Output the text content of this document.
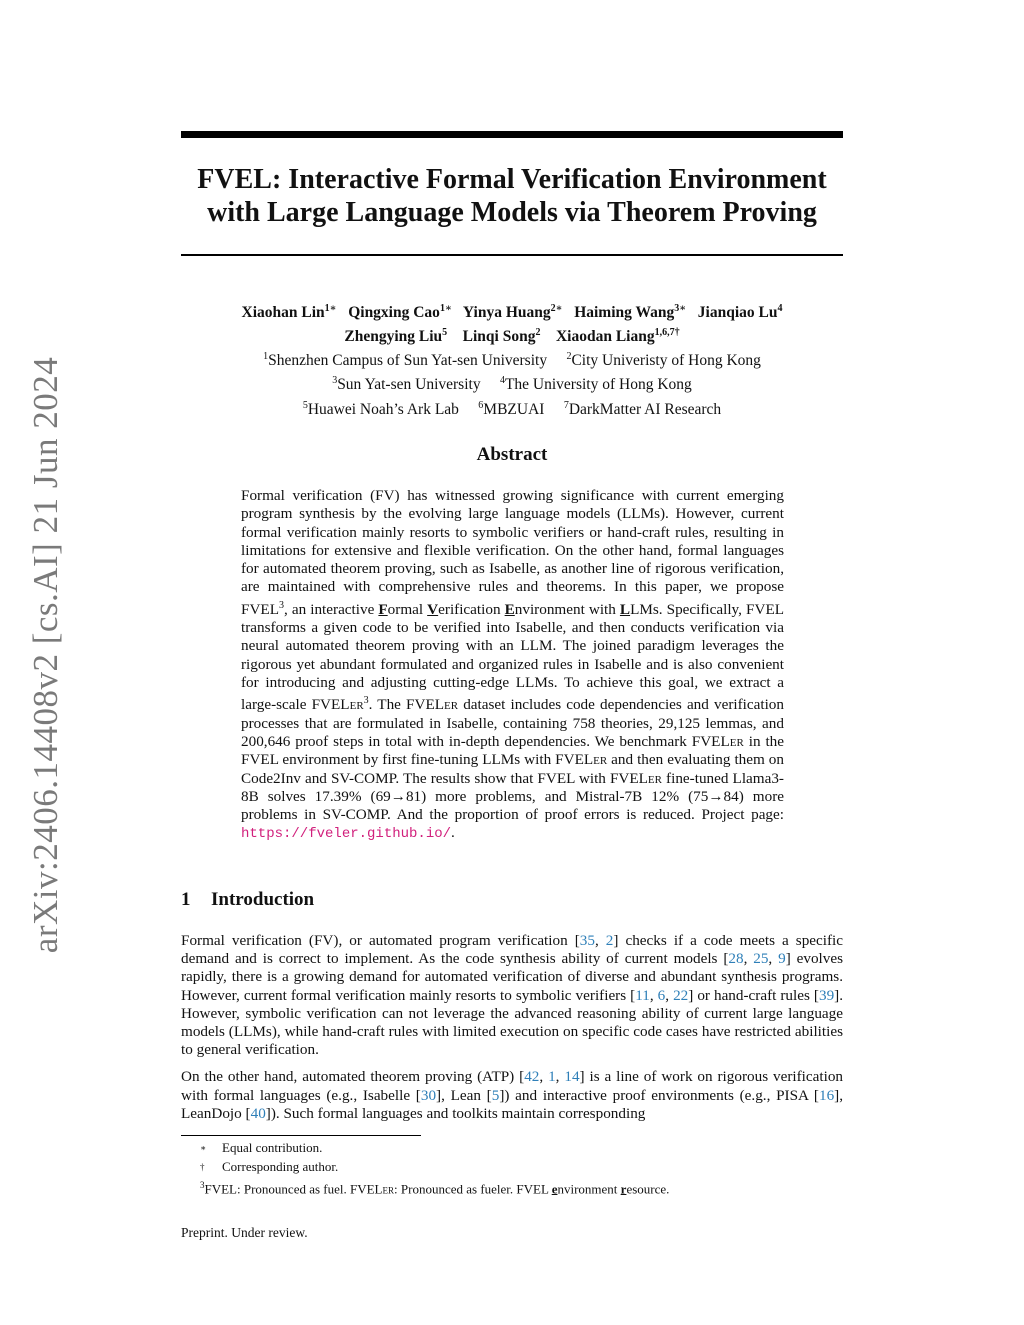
arXiv:2406.14408v2 [cs.AI] 21 Jun 2024
FVEL: Interactive Formal Verification Environment
with Large Language Models via Theorem Proving
Xiaohan Lin$^{1∗}$ Qingxing Cao$^{1∗}$ Yinya Huang$^{2∗}$ Haiming Wang$^{3∗}$ Jianqiao Lu$^4$
Zhengying Liu$^5$ Linqi Song$^2$ Xiaodan Liang$^{1,6,7\dagger}$
$^1$Shenzhen Campus of Sun Yat-sen University $^2$City Univeristy of Hong Kong
$^3$Sun Yat-sen University $^4$The University of Hong Kong
$^5$Huawei Noah’s Ark Lab $^6$MBZUAI $^7$DarkMatter AI Research
Abstract
Formal verification (FV) has witnessed growing significance with current emerging program synthesis by the evolving large language models (LLMs). However, current formal verification mainly resorts to symbolic verifiers or hand-craft rules, resulting in limitations for extensive and flexible verification. On the other hand, formal languages for automated theorem proving, such as Isabelle, as another line of rigorous verification, are maintained with comprehensive rules and theorems. In this paper, we propose FVEL$^3$, an interactive Formal Verification Environment with LLMs. Specifically, FVEL transforms a given code to be verified into Isabelle, and then conducts verification via neural automated theorem proving with an LLM. The joined paradigm leverages the rigorous yet abundant formulated and organized rules in Isabelle and is also convenient for introducing and adjusting cutting-edge LLMs. To achieve this goal, we extract a large-scale FVELer$^3$. The FVELer dataset includes code dependencies and verification processes that are formulated in Isabelle, containing 758 theories, 29,125 lemmas, and 200,646 proof steps in total with in-depth dependencies. We benchmark FVELer in the FVEL environment by first fine-tuning LLMs with FVELer and then evaluating them on Code2Inv and SV-COMP. The results show that FVEL with FVELer fine-tuned Llama3-8B solves 17.39% (69→81) more problems, and Mistral-7B 12% (75→84) more problems in SV-COMP. And the proportion of proof errors is reduced. Project page: https://fveler.github.io/.
1 Introduction

Formal verification (FV), or automated program verification [35, 2] checks if a code meets a specific demand and is correct to implement. As the code synthesis ability of current models [28, 25, 9] evolves rapidly, there is a growing demand for automated verification of diverse and abundant synthesis programs. However, current formal verification mainly resorts to symbolic verifiers [11, 6, 22] or hand-craft rules [39]. However, symbolic verification can not leverage the advanced reasoning ability of current large language models (LLMs), while hand-craft rules with limited execution on specific code cases have restricted abilities to general verification.

On the other hand, automated theorem proving (ATP) [42, 1, 14] is a line of work on rigorous verification with formal languages (e.g., Isabelle [30], Lean [5]) and interactive proof environments (e.g., PISA [16], LeanDojo [40]). Such formal languages and toolkits maintain corresponding

∗ Equal contribution.
† Corresponding author.
$^3$FVEL: Pronounced as fuel. FVELer: Pronounced as fueler. FVEL environment resource.
Preprint. Under review.
